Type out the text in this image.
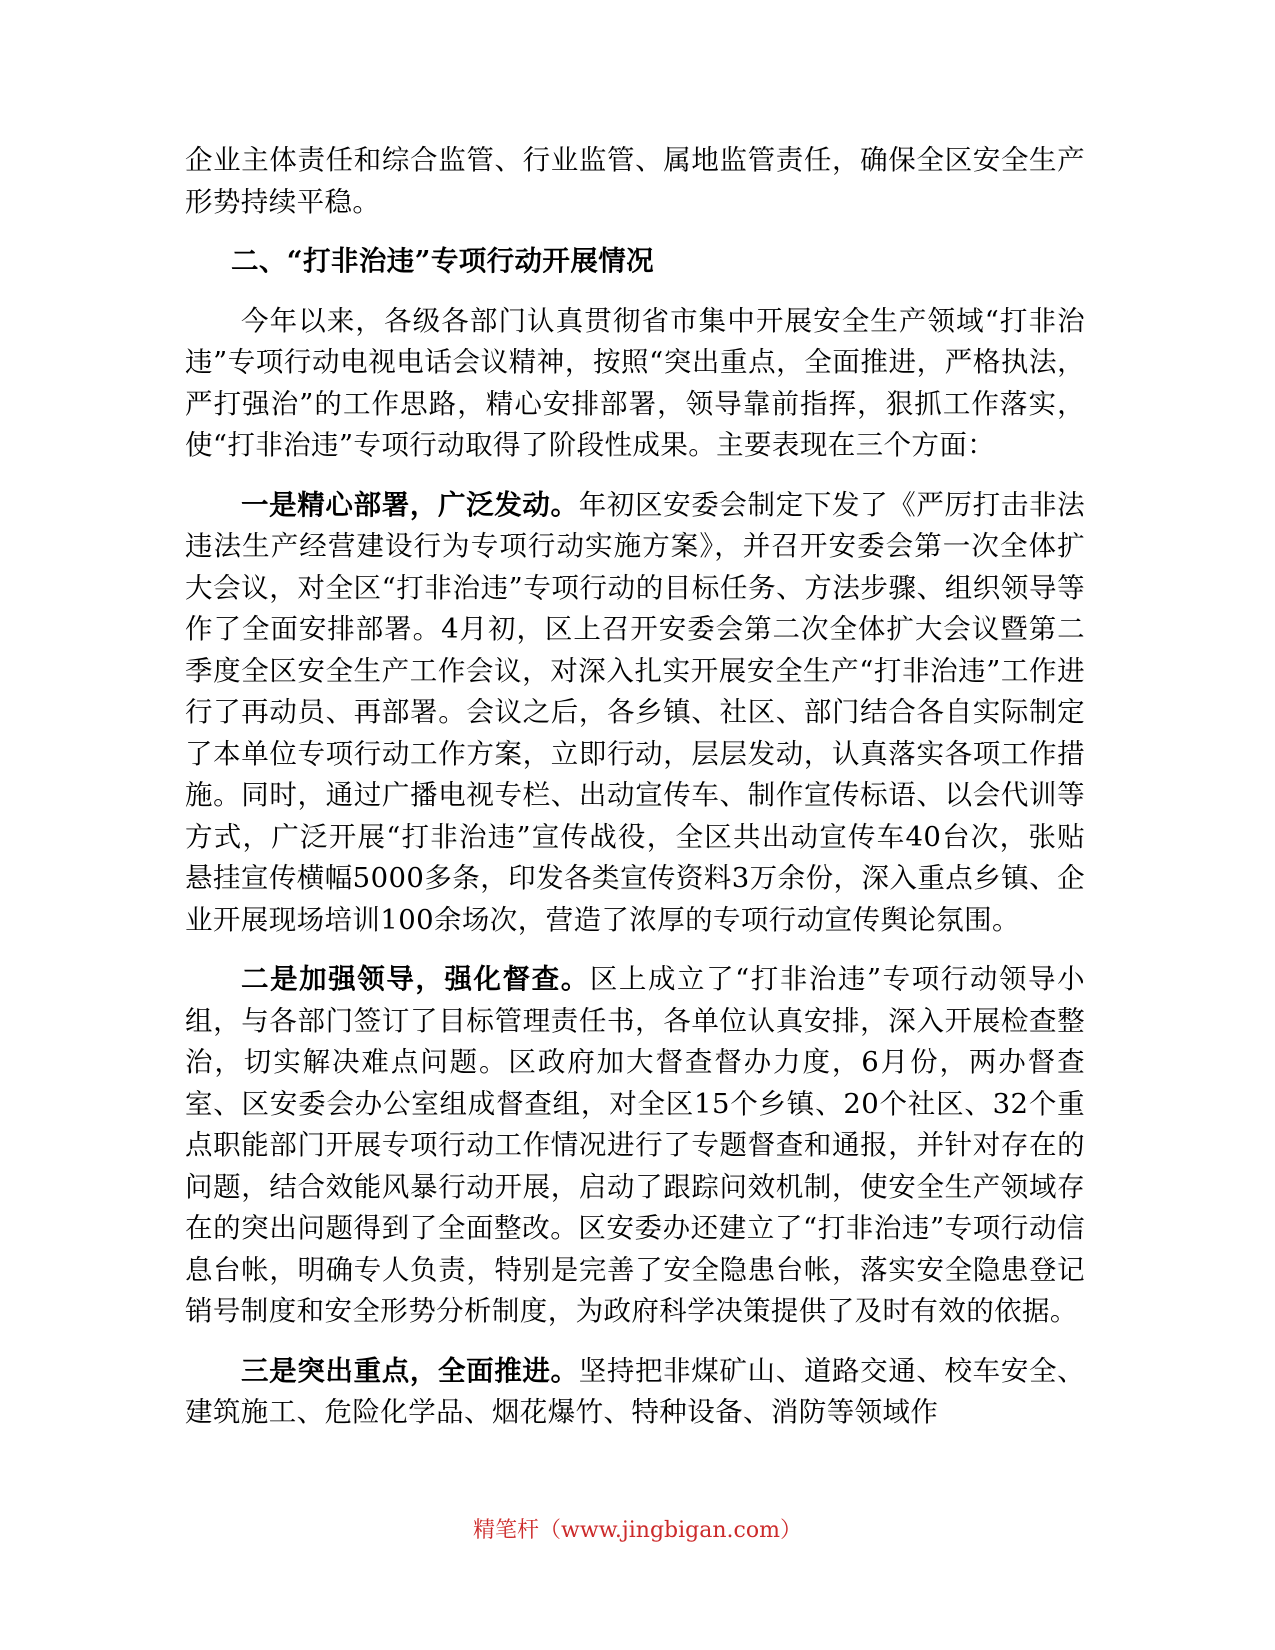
企业主体责任和综合监管、行业监管、属地监管责任，确保全区安全生产形势持续平稳。

二、“打非治违”专项行动开展情况

今年以来，各级各部门认真贯彻省市集中开展安全生产领域“打非治违”专项行动电视电话会议精神，按照“突出重点，全面推进，严格执法，严打强治”的工作思路，精心安排部署，领导靠前指挥，狠抓工作落实，使“打非治违”专项行动取得了阶段性成果。主要表现在三个方面：

一是精心部署，广泛发动。年初区安委会制定下发了《严厉打击非法违法生产经营建设行为专项行动实施方案》，并召开安委会第一次全体扩大会议，对全区“打非治违”专项行动的目标任务、方法步骤、组织领导等作了全面安排部署。4月初，区上召开安委会第二次全体扩大会议暨第二季度全区安全生产工作会议，对深入扎实开展安全生产“打非治违”工作进行了再动员、再部署。会议之后，各乡镇、社区、部门结合各自实际制定了本单位专项行动工作方案，立即行动，层层发动，认真落实各项工作措施。同时，通过广播电视专栏、出动宣传车、制作宣传标语、以会代训等方式，广泛开展“打非治违”宣传战役，全区共出动宣传车40台次，张贴悬挂宣传横幅5000多条，印发各类宣传资料3万余份，深入重点乡镇、企业开展现场培训100余场次，营造了浓厚的专项行动宣传舆论氛围。

二是加强领导，强化督查。区上成立了“打非治违”专项行动领导小组，与各部门签订了目标管理责任书，各单位认真安排，深入开展检查整治，切实解决难点问题。区政府加大督查督办力度，6月份，两办督查室、区安委会办公室组成督查组，对全区15个乡镇、20个社区、32个重点职能部门开展专项行动工作情况进行了专题督查和通报，并针对存在的问题，结合效能风暴行动开展，启动了跟踪问效机制，使安全生产领域存在的突出问题得到了全面整改。区安委办还建立了“打非治违”专项行动信息台帐，明确专人负责，特别是完善了安全隐患台帐，落实安全隐患登记销号制度和安全形势分析制度，为政府科学决策提供了及时有效的依据。

三是突出重点，全面推进。坚持把非煤矿山、道路交通、校车安全、建筑施工、危险化学品、烟花爆竹、特种设备、消防等领域作

精笔杆（www.jingbigan.com）
